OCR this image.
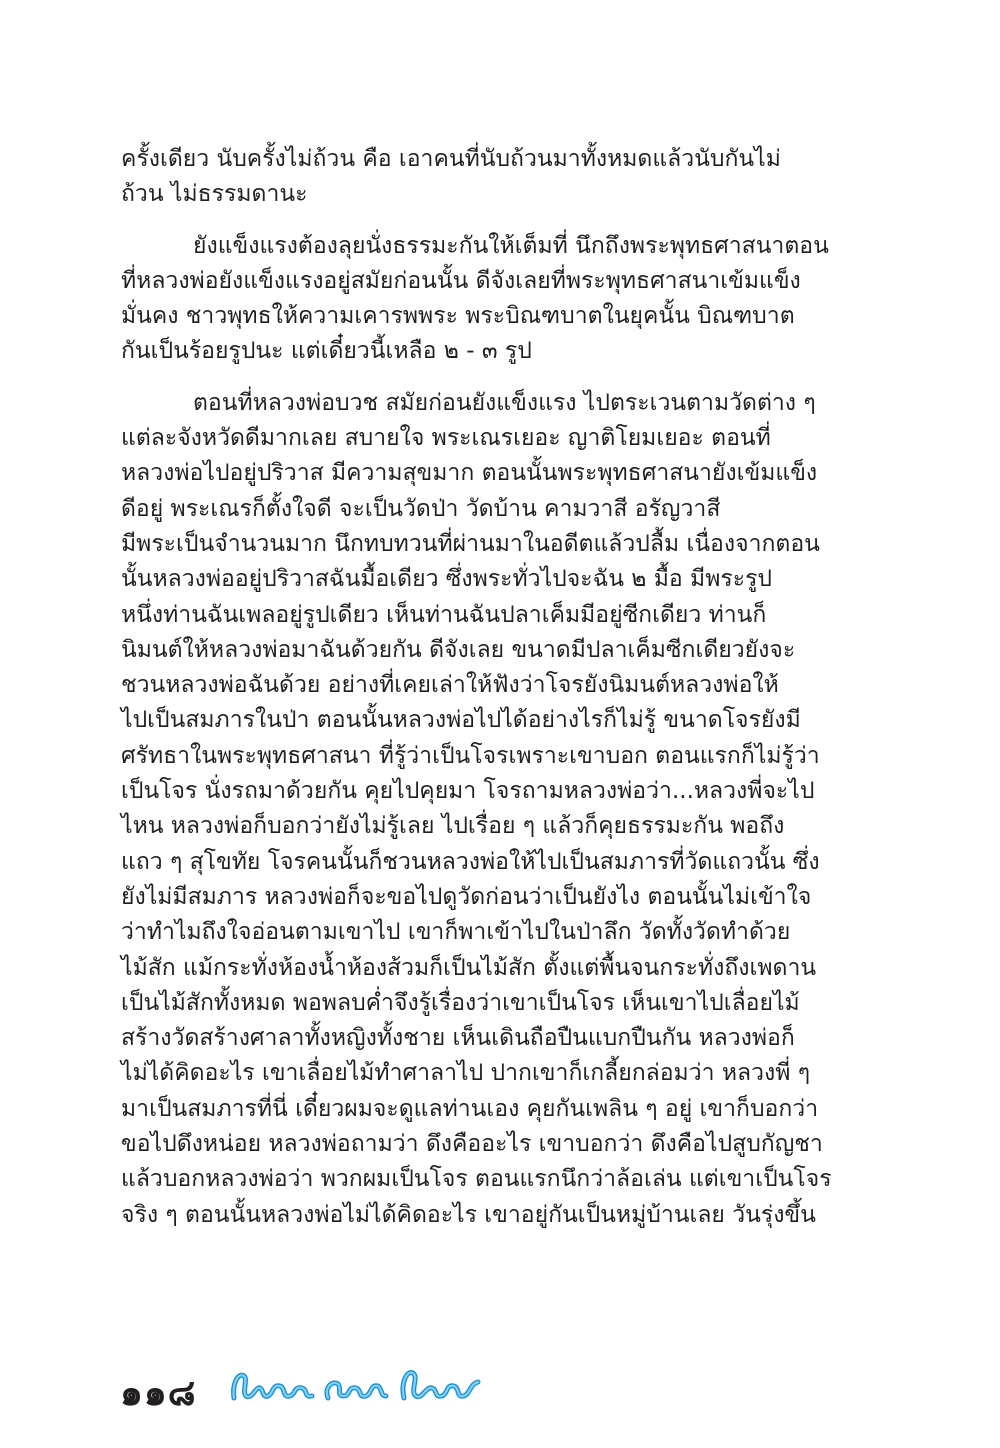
ครั้งเดียว นับครั้งไม่ถ้วน คือ เอาคนที่นับถ้วนมาทั้งหมดแล้วนับกันไม่
ถ้วน ไม่ธรรมดานะ

ยังแข็งแรงต้องลุยนั่งธรรมะกันให้เต็มที่ นึกถึงพระพุทธศาสนาตอน
ที่หลวงพ่อยังแข็งแรงอยู่สมัยก่อนนั้น ดีจังเลยที่พระพุทธศาสนาเข้มแข็ง
มั่นคง ชาวพุทธให้ความเคารพพระ พระบิณฑบาตในยุคนั้น บิณฑบาต
กันเป็นร้อยรูปนะ แต่เดี๋ยวนี้เหลือ ๒ - ๓ รูป

ตอนที่หลวงพ่อบวช สมัยก่อนยังแข็งแรง ไปตระเวนตามวัดต่าง ๆ
แต่ละจังหวัดดีมากเลย สบายใจ พระเณรเยอะ ญาติโยมเยอะ ตอนที่
หลวงพ่อไปอยู่ปริวาส มีความสุขมาก ตอนนั้นพระพุทธศาสนายังเข้มแข็ง
ดีอยู่ พระเณรก็ตั้งใจดี จะเป็นวัดป่า วัดบ้าน คามวาสี อรัญวาสี
มีพระเป็นจำนวนมาก นึกทบทวนที่ผ่านมาในอดีตแล้วปลื้ม เนื่องจากตอน
นั้นหลวงพ่ออยู่ปริวาสฉันมื้อเดียว ซึ่งพระทั่วไปจะฉัน ๒ มื้อ มีพระรูป
หนึ่งท่านฉันเพลอยู่รูปเดียว เห็นท่านฉันปลาเค็มมีอยู่ซีกเดียว ท่านก็
นิมนต์ให้หลวงพ่อมาฉันด้วยกัน ดีจังเลย ขนาดมีปลาเค็มซีกเดียวยังจะ
ชวนหลวงพ่อฉันด้วย อย่างที่เคยเล่าให้ฟังว่าโจรยังนิมนต์หลวงพ่อให้
ไปเป็นสมภารในป่า ตอนนั้นหลวงพ่อไปได้อย่างไรก็ไม่รู้ ขนาดโจรยังมี
ศรัทธาในพระพุทธศาสนา ที่รู้ว่าเป็นโจรเพราะเขาบอก ตอนแรกก็ไม่รู้ว่า
เป็นโจร นั่งรถมาด้วยกัน คุยไปคุยมา โจรถามหลวงพ่อว่า...หลวงพี่จะไป
ไหน หลวงพ่อก็บอกว่ายังไม่รู้เลย ไปเรื่อย ๆ แล้วก็คุยธรรมะกัน พอถึง
แถว ๆ สุโขทัย โจรคนนั้นก็ชวนหลวงพ่อให้ไปเป็นสมภารที่วัดแถวนั้น ซึ่ง
ยังไม่มีสมภาร หลวงพ่อก็จะขอไปดูวัดก่อนว่าเป็นยังไง ตอนนั้นไม่เข้าใจ
ว่าทำไมถึงใจอ่อนตามเขาไป เขาก็พาเข้าไปในป่าลึก วัดทั้งวัดทำด้วย
ไม้สัก แม้กระทั่งห้องน้ำห้องส้วมก็เป็นไม้สัก ตั้งแต่พื้นจนกระทั่งถึงเพดาน
เป็นไม้สักทั้งหมด พอพลบค่ำจึงรู้เรื่องว่าเขาเป็นโจร เห็นเขาไปเลื่อยไม้
สร้างวัดสร้างศาลาทั้งหญิงทั้งชาย เห็นเดินถือปืนแบกปืนกัน หลวงพ่อก็
ไม่ได้คิดอะไร เขาเลื่อยไม้ทำศาลาไป ปากเขาก็เกลี้ยกล่อมว่า หลวงพี่ ๆ
มาเป็นสมภารที่นี่ เดี๋ยวผมจะดูแลท่านเอง คุยกันเพลิน ๆ อยู่ เขาก็บอกว่า
ขอไปดึงหน่อย หลวงพ่อถามว่า ดึงคืออะไร เขาบอกว่า ดึงคือไปสูบกัญชา
แล้วบอกหลวงพ่อว่า พวกผมเป็นโจร ตอนแรกนึกว่าล้อเล่น แต่เขาเป็นโจร
จริง ๆ ตอนนั้นหลวงพ่อไม่ได้คิดอะไร เขาอยู่กันเป็นหมู่บ้านเลย วันรุ่งขึ้น

๑๑๘
